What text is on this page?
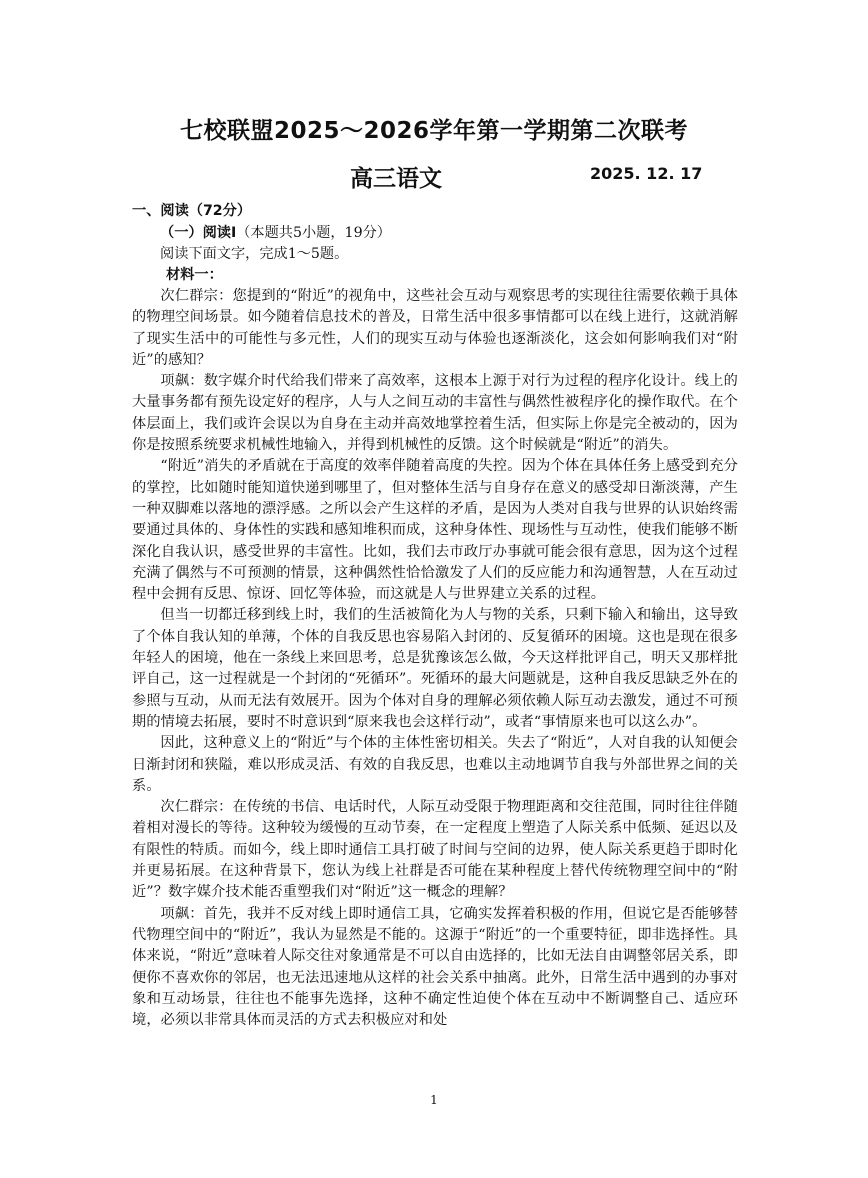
七校联盟2025～2026学年第一学期第二次联考
高三语文	2025. 12. 17
一、阅读（72分）
（一）阅读Ⅰ（本题共5小题，19分）
阅读下面文字，完成1～5题。
材料一：

次仁群宗：您提到的“附近”的视角中，这些社会互动与观察思考的实现往往需要依赖于具体的物理空间场景。如今随着信息技术的普及，日常生活中很多事情都可以在线上进行，这就消解了现实生活中的可能性与多元性，人们的现实互动与体验也逐渐淡化，这会如何影响我们对“附近”的感知？

项飙：数字媒介时代给我们带来了高效率，这根本上源于对行为过程的程序化设计。线上的大量事务都有预先设定好的程序，人与人之间互动的丰富性与偶然性被程序化的操作取代。在个体层面上，我们或许会误以为自身在主动并高效地掌控着生活，但实际上你是完全被动的，因为你是按照系统要求机械性地输入，并得到机械性的反馈。这个时候就是“附近”的消失。

“附近”消失的矛盾就在于高度的效率伴随着高度的失控。因为个体在具体任务上感受到充分的掌控，比如随时能知道快递到哪里了，但对整体生活与自身存在意义的感受却日渐淡薄，产生一种双脚难以落地的漂浮感。之所以会产生这样的矛盾，是因为人类对自我与世界的认识始终需要通过具体的、身体性的实践和感知堆积而成，这种身体性、现场性与互动性，使我们能够不断深化自我认识，感受世界的丰富性。比如，我们去市政厅办事就可能会很有意思，因为这个过程充满了偶然与不可预测的情景，这种偶然性恰恰激发了人们的反应能力和沟通智慧，人在互动过程中会拥有反思、惊讶、回忆等体验，而这就是人与世界建立关系的过程。

但当一切都迁移到线上时，我们的生活被简化为人与物的关系，只剩下输入和输出，这导致了个体自我认知的单薄，个体的自我反思也容易陷入封闭的、反复循环的困境。这也是现在很多年轻人的困境，他在一条线上来回思考，总是犹豫该怎么做，今天这样批评自己，明天又那样批评自己，这一过程就是一个封闭的“死循环”。死循环的最大问题就是，这种自我反思缺乏外在的参照与互动，从而无法有效展开。因为个体对自身的理解必须依赖人际互动去激发，通过不可预期的情境去拓展，要时不时意识到“原来我也会这样行动”，或者“事情原来也可以这么办”。

因此，这种意义上的“附近”与个体的主体性密切相关。失去了“附近”，人对自我的认知便会日渐封闭和狭隘，难以形成灵活、有效的自我反思，也难以主动地调节自我与外部世界之间的关系。

次仁群宗：在传统的书信、电话时代，人际互动受限于物理距离和交往范围，同时往往伴随着相对漫长的等待。这种较为缓慢的互动节奏，在一定程度上塑造了人际关系中低频、延迟以及有限性的特质。而如今，线上即时通信工具打破了时间与空间的边界，使人际关系更趋于即时化并更易拓展。在这种背景下，您认为线上社群是否可能在某种程度上替代传统物理空间中的“附近”？数字媒介技术能否重塑我们对“附近”这一概念的理解？

项飙：首先，我并不反对线上即时通信工具，它确实发挥着积极的作用，但说它是否能够替代物理空间中的“附近”，我认为显然是不能的。这源于“附近”的一个重要特征，即非选择性。具体来说，“附近”意味着人际交往对象通常是不可以自由选择的，比如无法自由调整邻居关系，即便你不喜欢你的邻居，也无法迅速地从这样的社会关系中抽离。此外，日常生活中遇到的办事对象和互动场景，往往也不能事先选择，这种不确定性迫使个体在互动中不断调整自己、适应环境，必须以非常具体而灵活的方式去积极应对和处

1
